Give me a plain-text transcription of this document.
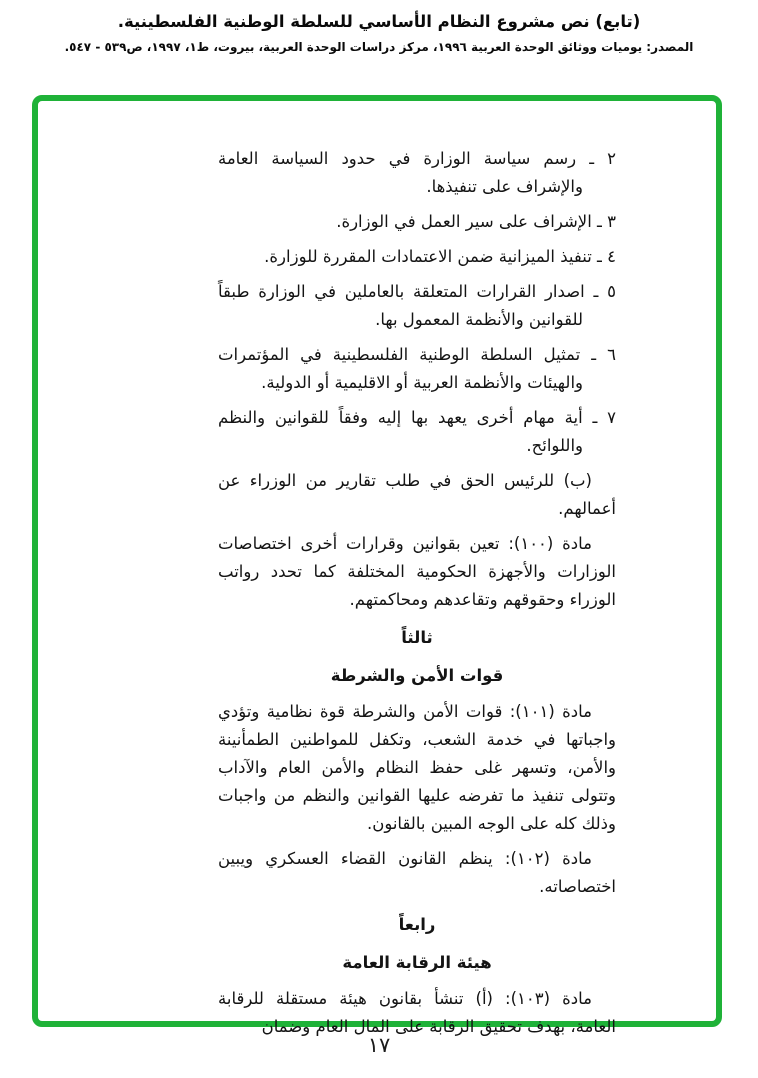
(تابع) نص مشروع النظام الأساسي للسلطة الوطنية الفلسطينية.
المصدر: يوميات ووثائق الوحدة العربية ١٩٩٦، مركز دراسات الوحدة العربية، بيروت، ط١، ١٩٩٧، ص٥٣٩ - ٥٤٧.

٢ ـ رسم سياسة الوزارة في حدود السياسة العامة والإشراف على تنفيذها.

٣ ـ الإشراف على سير العمل في الوزارة.

٤ ـ تنفيذ الميزانية ضمن الاعتمادات المقررة للوزارة.

٥ ـ اصدار القرارات المتعلقة بالعاملين في الوزارة طبقاً للقوانين والأنظمة المعمول بها.

٦ ـ تمثيل السلطة الوطنية الفلسطينية في المؤتمرات والهيئات والأنظمة العربية أو الاقليمية أو الدولية.

٧ ـ أية مهام أخرى يعهد بها إليه وفقاً للقوانين والنظم واللوائح.

(ب) للرئيس الحق في طلب تقارير من الوزراء عن أعمالهم.

مادة (١٠٠): تعين بقوانين وقرارات أخرى اختصاصات الوزارات والأجهزة الحكومية المختلفة كما تحدد رواتب الوزراء وحقوقهم وتقاعدهم ومحاكمتهم.

ثالثاً

قوات الأمن والشرطة

مادة (١٠١): قوات الأمن والشرطة قوة نظامية وتؤدي واجباتها في خدمة الشعب، وتكفل للمواطنين الطمأنينة والأمن، وتسهر غلى حفظ النظام والأمن العام والآداب وتتولى تنفيذ ما تفرضه عليها القوانين والنظم من واجبات وذلك كله على الوجه المبين بالقانون.

مادة (١٠٢): ينظم القانون القضاء العسكري ويبين اختصاصاته.

رابعاً

هيئة الرقابة العامة

مادة (١٠٣): (أ) تنشأ بقانون هيئة مستقلة للرقابة العامة، بهدف تحقيق الرقابة على المال العام وضمان

١٧
